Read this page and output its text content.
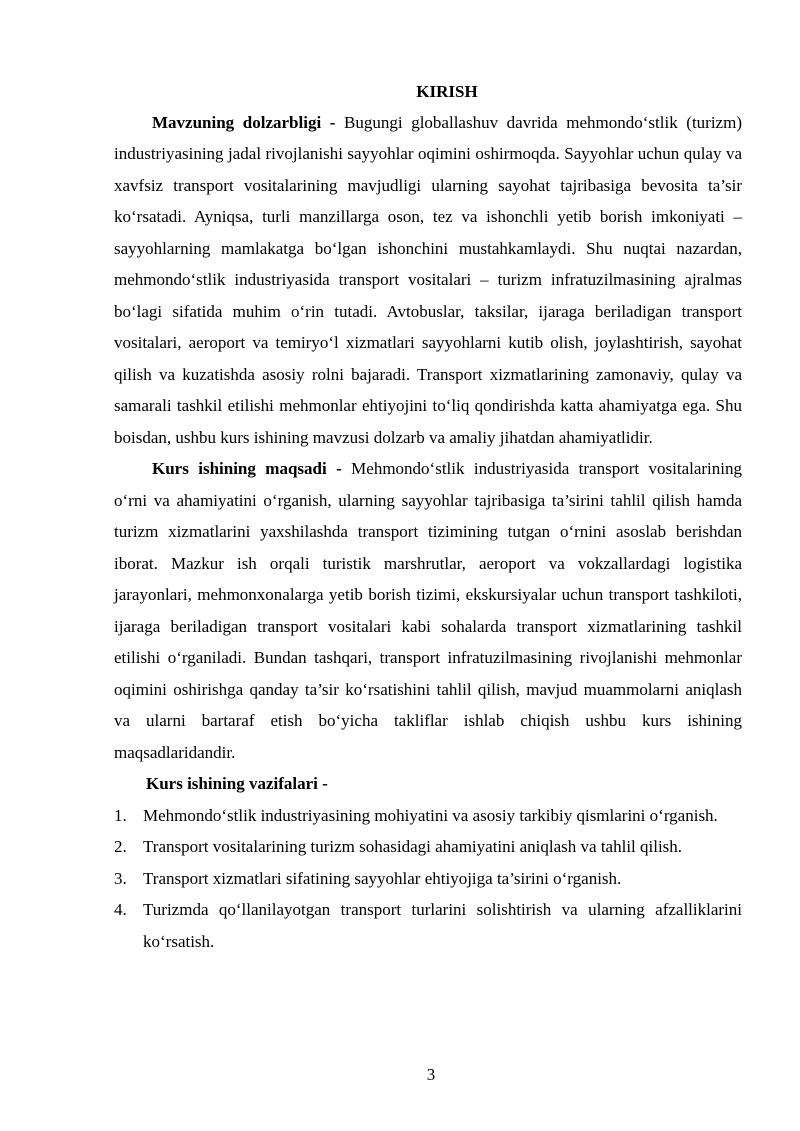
KIRISH

Mavzuning dolzarbligi - Bugungi globallashuv davrida mehmondo‘stlik (turizm) industriyasining jadal rivojlanishi sayyohlar oqimini oshirmoqda. Sayyohlar uchun qulay va xavfsiz transport vositalarining mavjudligi ularning sayohat tajribasiga bevosita ta’sir ko‘rsatadi. Ayniqsa, turli manzillarga oson, tez va ishonchli yetib borish imkoniyati – sayyohlarning mamlakatga bo‘lgan ishonchini mustahkamlaydi. Shu nuqtai nazardan, mehmondo‘stlik industriyasida transport vositalari – turizm infratuzilmasining ajralmas bo‘lagi sifatida muhim o‘rin tutadi. Avtobuslar, taksilar, ijaraga beriladigan transport vositalari, aeroport va temiryo‘l xizmatlari sayyohlarni kutib olish, joylashtirish, sayohat qilish va kuzatishda asosiy rolni bajaradi. Transport xizmatlarining zamonaviy, qulay va samarali tashkil etilishi mehmonlar ehtiyojini to‘liq qondirishda katta ahamiyatga ega. Shu boisdan, ushbu kurs ishining mavzusi dolzarb va amaliy jihatdan ahamiyatlidir.

Kurs ishining maqsadi - Mehmondo‘stlik industriyasida transport vositalarining o‘rni va ahamiyatini o‘rganish, ularning sayyohlar tajribasiga ta’sirini tahlil qilish hamda turizm xizmatlarini yaxshilashda transport tizimining tutgan o‘rnini asoslab berishdan iborat. Mazkur ish orqali turistik marshrutlar, aeroport va vokzallardagi logistika jarayonlari, mehmonxonalarga yetib borish tizimi, ekskursiyalar uchun transport tashkiloti, ijaraga beriladigan transport vositalari kabi sohalarda transport xizmatlarining tashkil etilishi o‘rganiladi. Bundan tashqari, transport infratuzilmasining rivojlanishi mehmonlar oqimini oshirishga qanday ta’sir ko‘rsatishini tahlil qilish, mavjud muammolarni aniqlash va ularni bartaraf etish bo‘yicha takliflar ishlab chiqish ushbu kurs ishining maqsadlaridandir.

Kurs ishining vazifalari -

1. Mehmondo‘stlik industriyasining mohiyatini va asosiy tarkibiy qismlarini o‘rganish.
2. Transport vositalarining turizm sohasidagi ahamiyatini aniqlash va tahlil qilish.
3. Transport xizmatlari sifatining sayyohlar ehtiyojiga ta’sirini o‘rganish.
4. Turizmda qo‘llanilayotgan transport turlarini solishtirish va ularning afzalliklarini ko‘rsatish.
3
